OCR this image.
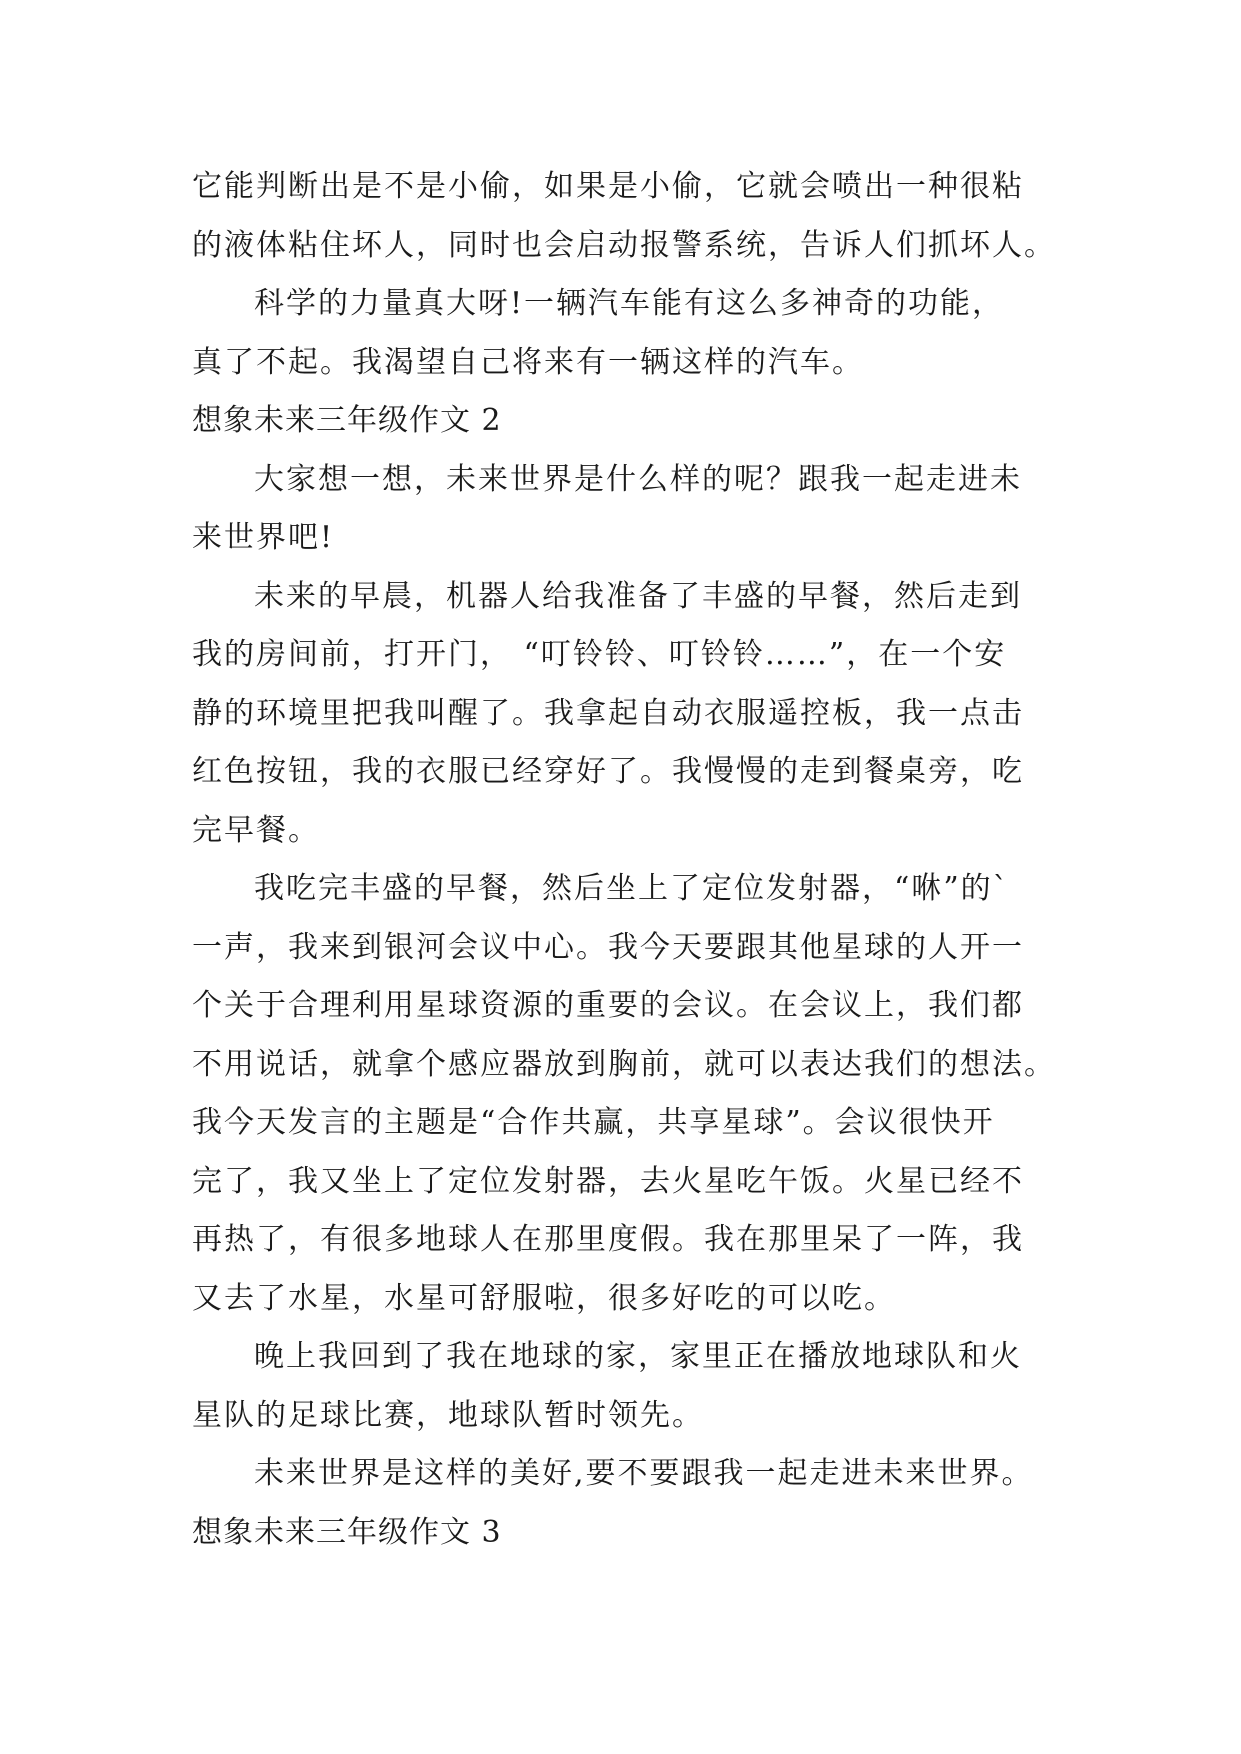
它能判断出是不是小偷，如果是小偷，它就会喷出一种很粘
的液体粘住坏人，同时也会启动报警系统，告诉人们抓坏人。
科学的力量真大呀!一辆汽车能有这么多神奇的功能，
真了不起。我渴望自己将来有一辆这样的汽车。
想象未来三年级作文 2
大家想一想，未来世界是什么样的呢？跟我一起走进未
来世界吧!
未来的早晨，机器人给我准备了丰盛的早餐，然后走到
我的房间前，打开门， “叮铃铃、叮铃铃……”，在一个安
静的环境里把我叫醒了。我拿起自动衣服遥控板，我一点击
红色按钮，我的衣服已经穿好了。我慢慢的走到餐桌旁，吃
完早餐。
我吃完丰盛的早餐，然后坐上了定位发射器，“咻”的`
一声，我来到银河会议中心。我今天要跟其他星球的人开一
个关于合理利用星球资源的重要的会议。在会议上，我们都
不用说话，就拿个感应器放到胸前，就可以表达我们的想法。
我今天发言的主题是“合作共赢，共享星球”。会议很快开
完了，我又坐上了定位发射器，去火星吃午饭。火星已经不
再热了，有很多地球人在那里度假。我在那里呆了一阵，我
又去了水星，水星可舒服啦，很多好吃的可以吃。
晚上我回到了我在地球的家，家里正在播放地球队和火
星队的足球比赛，地球队暂时领先。
未来世界是这样的美好,要不要跟我一起走进未来世界。
想象未来三年级作文 3
